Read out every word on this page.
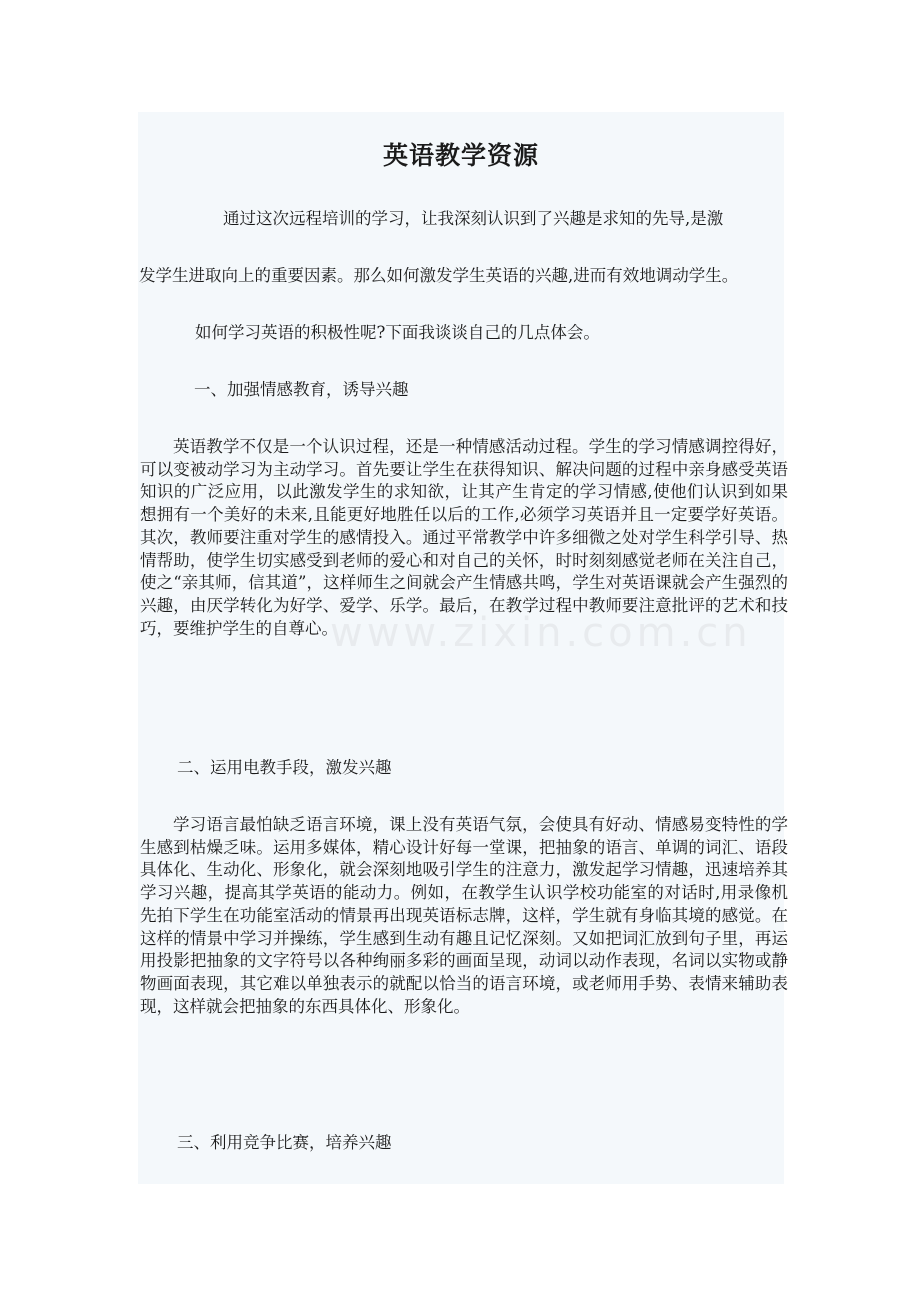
www.zixin.com.cn
英语教学资源

通过这次远程培训的学习，让我深刻认识到了兴趣是求知的先导,是激

发学生进取向上的重要因素。那么如何激发学生英语的兴趣,进而有效地调动学生。

如何学习英语的积极性呢?下面我谈谈自己的几点体会。

一、加强情感教育，诱导兴趣

英语教学不仅是一个认识过程，还是一种情感活动过程。学生的学习情感调控得好，可以变被动学习为主动学习。首先要让学生在获得知识、解决问题的过程中亲身感受英语知识的广泛应用，以此激发学生的求知欲，让其产生肯定的学习情感,使他们认识到如果想拥有一个美好的未来,且能更好地胜任以后的工作,必须学习英语并且一定要学好英语。其次，教师要注重对学生的感情投入。通过平常教学中许多细微之处对学生科学引导、热情帮助，使学生切实感受到老师的爱心和对自己的关怀，时时刻刻感觉老师在关注自己，使之“亲其师，信其道”，这样师生之间就会产生情感共鸣，学生对英语课就会产生强烈的兴趣，由厌学转化为好学、爱学、乐学。最后，在教学过程中教师要注意批评的艺术和技巧，要维护学生的自尊心。

二、运用电教手段，激发兴趣

学习语言最怕缺乏语言环境，课上没有英语气氛，会使具有好动、情感易变特性的学生感到枯燥乏味。运用多媒体，精心设计好每一堂课，把抽象的语言、单调的词汇、语段具体化、生动化、形象化，就会深刻地吸引学生的注意力，激发起学习情趣，迅速培养其学习兴趣，提高其学英语的能动力。例如，在教学生认识学校功能室的对话时,用录像机先拍下学生在功能室活动的情景再出现英语标志牌，这样，学生就有身临其境的感觉。在这样的情景中学习并操练，学生感到生动有趣且记忆深刻。又如把词汇放到句子里，再运用投影把抽象的文字符号以各种绚丽多彩的画面呈现，动词以动作表现，名词以实物或静物画面表现，其它难以单独表示的就配以恰当的语言环境，或老师用手势、表情来辅助表现，这样就会把抽象的东西具体化、形象化。

三、利用竞争比赛，培养兴趣
